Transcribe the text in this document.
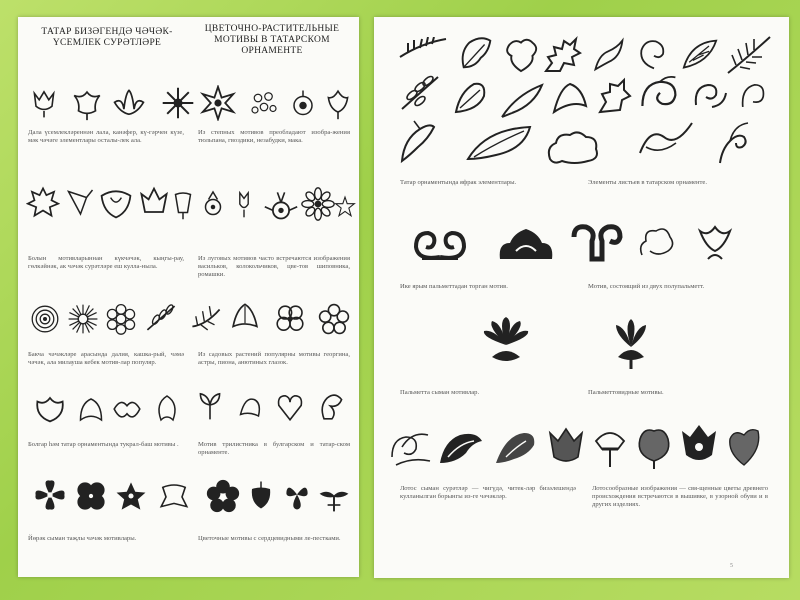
ТАТАР БИЗӘГЕНДӘ ЧӘЧӘК-ҮСЕМЛЕК СУРӘТЛӘРЕ
ЦВЕТОЧНО-РАСТИТЕЛЬНЫЕ МОТИВЫ В ТАТАРСКОМ ОРНАМЕНТЕ
Дала үсемлекләреннән лала, канәфер, кү-гәрчен күзе, мәк чәчәге элементлары осталы-лек ала.
Из степных мотивов преобладают изобра-жения тюльпана, гвоздики, незабудки, мака.
Болын мотивларыннан күкчәчәк, кыңгы-рау, гөлкәйнәк, ак чәчәк сурәтләре еш кулла-ныла.
Из луговых мотивов часто встречаются изображения васильков, колокольчиков, цве-тов шиповника, ромашки.
Бакча чәчәкләре арасында далия, кашка-рый, чәмә чәчәк, ала милауша кебек мотив-лар популяр.
Из садовых растений популярны мотивы георгина, астры, пиона, анютиных глазок.
Болгар һәм татар орнаментында тукрал-баш мотивы .	Мотив трилистника в булгарском и татар-ском орнаменте.
Йөрәк сыман таҗлы чәчәк мотивлары.	Цветочные мотивы с сердцевидными ле-пестками.
Татар орнаментында яфрак элементлары.	Элементы листьев в татарском орнаменте.
Ике ярым пальметтадан торган мотив.	Мотив, состоящий из двух полупальметт.
Пальметта сыман мотивлар.	Пальметтовидные мотивы.
Лотос сыман сурәтләр — чигүдә, читек-ләр бизәлешендә кулланылган борынгы из-ге чәчәкләр.
Лотосообразные изображения — свя-щенные цветы древнего происхождения встречаются в вышивке, в узорной обуви и в других изделиях.
5
